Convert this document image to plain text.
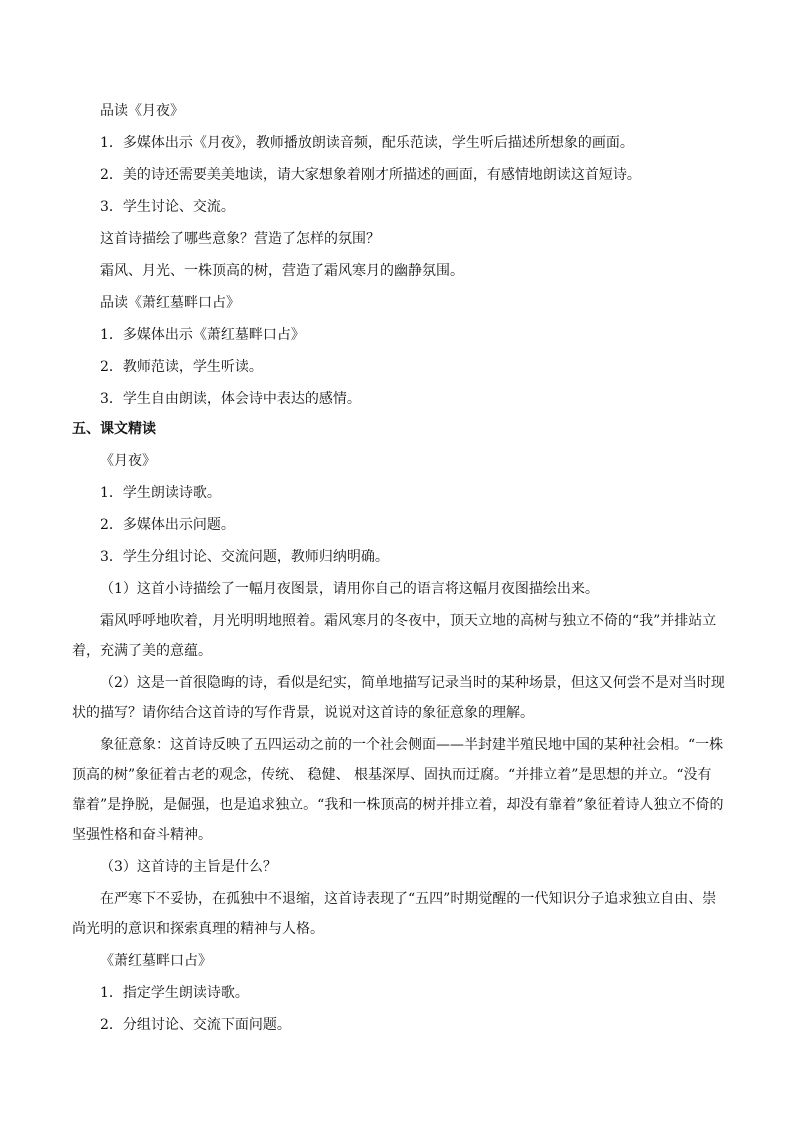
品读《月夜》
1．多媒体出示《月夜》，教师播放朗读音频，配乐范读，学生听后描述所想象的画面。
2．美的诗还需要美美地读，请大家想象着刚才所描述的画面，有感情地朗读这首短诗。
3．学生讨论、交流。
这首诗描绘了哪些意象？营造了怎样的氛围？
霜风、月光、一株顶高的树，营造了霜风寒月的幽静氛围。
品读《萧红墓畔口占》
1．多媒体出示《萧红墓畔口占》
2．教师范读，学生听读。
3．学生自由朗读，体会诗中表达的感情。
五、课文精读
《月夜》
1．学生朗读诗歌。
2．多媒体出示问题。
3．学生分组讨论、交流问题，教师归纳明确。
（1）这首小诗描绘了一幅月夜图景，请用你自己的语言将这幅月夜图描绘出来。
霜风呼呼地吹着，月光明明地照着。霜风寒月的冬夜中，顶天立地的高树与独立不倚的“我”并排站立
着，充满了美的意蕴。
（2）这是一首很隐晦的诗，看似是纪实，简单地描写记录当时的某种场景，但这又何尝不是对当时现
状的描写？请你结合这首诗的写作背景，说说对这首诗的象征意象的理解。
象征意象：这首诗反映了五四运动之前的一个社会侧面——半封建半殖民地中国的某种社会相。“一株
顶高的树”象征着古老的观念，传统、 稳健、 根基深厚、固执而迂腐。“并排立着”是思想的并立。“没有
靠着”是挣脱，是倔强，也是追求独立。“我和一株顶高的树并排立着，却没有靠着”象征着诗人独立不倚的
坚强性格和奋斗精神。
（3）这首诗的主旨是什么？
在严寒下不妥协，在孤独中不退缩，这首诗表现了“五四”时期觉醒的一代知识分子追求独立自由、崇
尚光明的意识和探索真理的精神与人格。
《萧红墓畔口占》
1．指定学生朗读诗歌。
2．分组讨论、交流下面问题。
